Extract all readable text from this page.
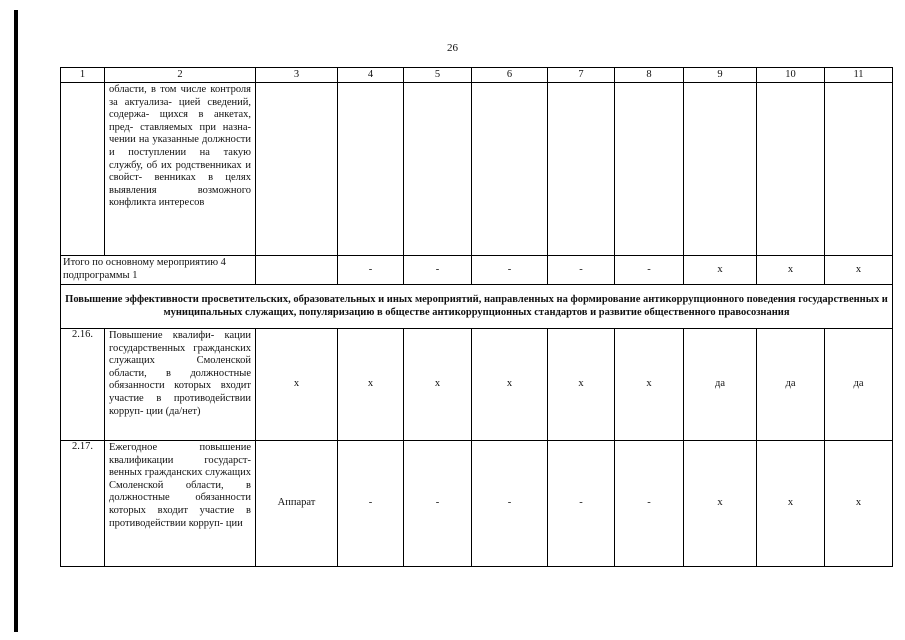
26
1	2	3	4	5	6	7	8	9	10	11
	области, в том числе контроля за актуализа- цией сведений, содержа- щихся в анкетах, пред- ставляемых при назна- чении на указанные должности и поступлении на такую службу, об их родственниках и свойст- венниках в целях выявления возможного конфликта интересов									
Итого по основному мероприятию 4 подпрограммы 1			-	-	-	-	-	x	x	x
Повышение эффективности просветительских, образовательных и иных мероприятий, направленных на формирование антикоррупционного поведения государственных и муниципальных служащих, популяризацию в обществе антикоррупционных стандартов и развитие общественного правосознания										
2.16.	Повышение квалифи- кации государственных гражданских служащих Смоленской области, в должностные обязанности которых входит участие в противодействии корруп- ции (да/нет)	x	x	x	x	x	x	да	да	да
2.17.	Ежегодное повышение квалификации государст- венных гражданских служащих Смоленской области, в должностные обязанности которых входит участие в противодействии корруп- ции	Аппарат	-	-	-	-	-	x	x	x
